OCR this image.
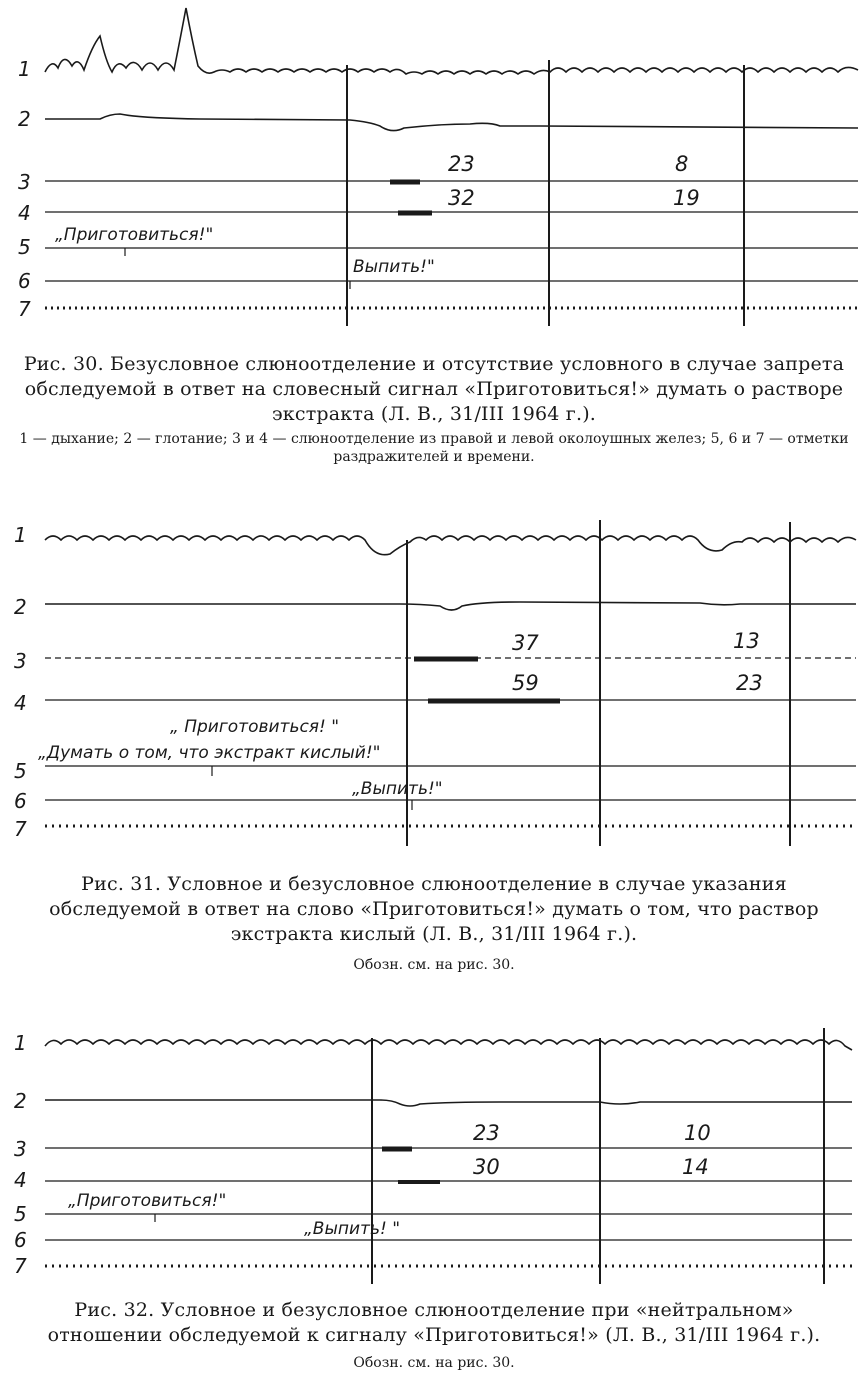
1
2
3
4
5
6
7
23	8
32	19
„Приготовиться!"
Выпить!"
Рис. 30. Безусловное слюноотделение и отсутствие условного в случае запрета обследуемой в ответ на словесный сигнал «Приготовиться!» думать о растворе экстракта (Л. В., 31/III 1964 г.).
1 — дыхание; 2 — глотание; 3 и 4 — слюноотделение из правой и левой околоушных желез; 5, 6 и 7 — отметки раздражителей и времени.
1
2
3
4
5
6
7
37	13
59	23
„ Приготовиться! "
„Думать о том, что экстракт кислый!"
„Выпить!"
Рис. 31. Условное и безусловное слюноотделение в случае указания обследуемой в ответ на слово «Приготовиться!» думать о том, что раствор экстракта кислый (Л. В., 31/III 1964 г.).
Обозн. см. на рис. 30.
1
2
3
4
5
6
7
23	10
30	14
„Приготовиться!"
„Выпить! "
Рис. 32. Условное и безусловное слюноотделение при «нейтральном» отношении обследуемой к сигналу «Приготовиться!» (Л. В., 31/III 1964 г.).
Обозн. см. на рис. 30.
